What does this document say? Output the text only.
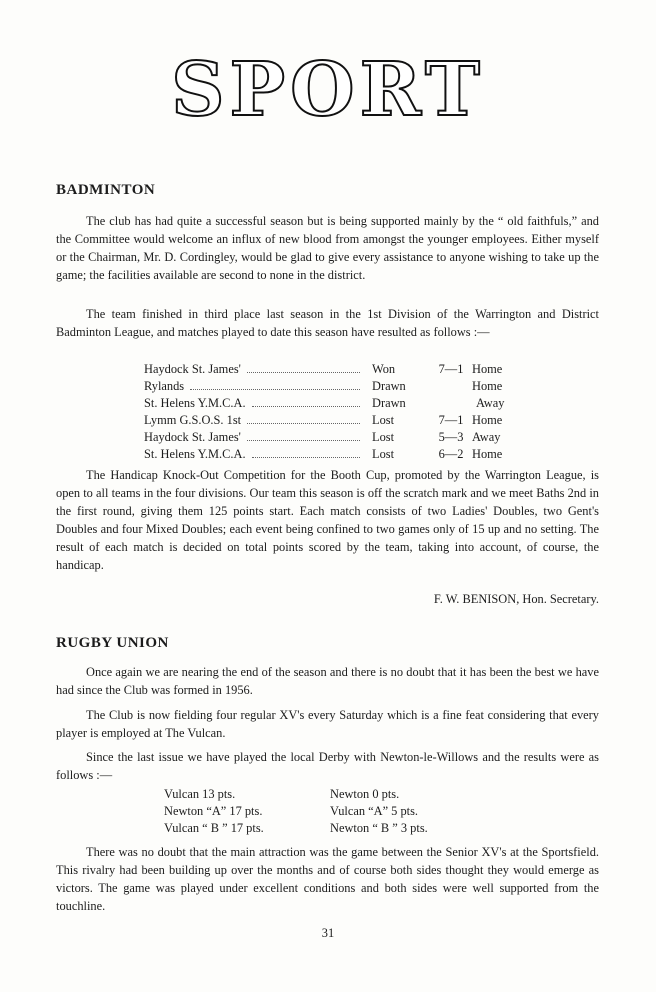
SPORT
BADMINTON

The club has had quite a successful season but is being supported mainly by the “ old faithfuls,” and the Committee would welcome an influx of new blood from amongst the younger employees. Either myself or the Chairman, Mr. D. Cordingley, would be glad to give every assistance to anyone wishing to take up the game; the facilities available are second to none in the district.

The team finished in third place last season in the 1st Division of the Warrington and District Badminton League, and matches played to date this season have resulted as follows :—

Haydock St. James'	Won	7—1	Home
Rylands	Drawn		Home
St. Helens Y.M.C.A.	Drawn		Away
Lymm G.S.O.S. 1st	Lost	7—1	Home
Haydock St. James'	Lost	5—3	Away
St. Helens Y.M.C.A.	Lost	6—2	Home

The Handicap Knock-Out Competition for the Booth Cup, promoted by the Warrington League, is open to all teams in the four divisions. Our team this season is off the scratch mark and we meet Baths 2nd in the first round, giving them 125 points start. Each match consists of two Ladies' Doubles, two Gent's Doubles and four Mixed Doubles; each event being confined to two games only of 15 up and no setting. The result of each match is decided on total points scored by the team, taking into account, of course, the handicap.

F. W. BENISON, Hon. Secretary.
RUGBY UNION

Once again we are nearing the end of the season and there is no doubt that it has been the best we have had since the Club was formed in 1956.

The Club is now fielding four regular XV's every Saturday which is a fine feat considering that every player is employed at The Vulcan.

Since the last issue we have played the local Derby with Newton-le-Willows and the results were as follows :—

Vulcan 13 pts.	Newton 0 pts.
Newton “A” 17 pts.	Vulcan “A” 5 pts.
Vulcan “ B ” 17 pts.	Newton “ B ” 3 pts.

There was no doubt that the main attraction was the game between the Senior XV's at the Sportsfield. This rivalry had been building up over the months and of course both sides thought they would emerge as victors. The game was played under excellent conditions and both sides were well supported from the touchline.

31
